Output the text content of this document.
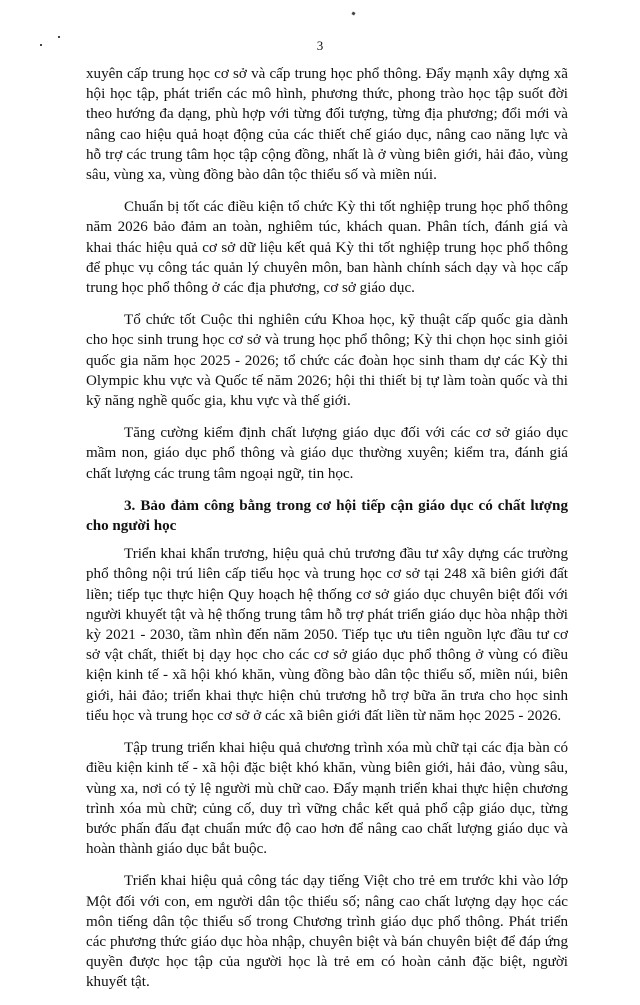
3

xuyên cấp trung học cơ sở và cấp trung học phổ thông. Đẩy mạnh xây dựng xã hội học tập, phát triển các mô hình, phương thức, phong trào học tập suốt đời theo hướng đa dạng, phù hợp với từng đối tượng, từng địa phương; đổi mới và nâng cao hiệu quả hoạt động của các thiết chế giáo dục, nâng cao năng lực và hỗ trợ các trung tâm học tập cộng đồng, nhất là ở vùng biên giới, hải đảo, vùng sâu, vùng xa, vùng đồng bào dân tộc thiểu số và miền núi.

Chuẩn bị tốt các điều kiện tổ chức Kỳ thi tốt nghiệp trung học phổ thông năm 2026 bảo đảm an toàn, nghiêm túc, khách quan. Phân tích, đánh giá và khai thác hiệu quả cơ sở dữ liệu kết quả Kỳ thi tốt nghiệp trung học phổ thông để phục vụ công tác quản lý chuyên môn, ban hành chính sách dạy và học cấp trung học phổ thông ở các địa phương, cơ sở giáo dục.

Tổ chức tốt Cuộc thi nghiên cứu Khoa học, kỹ thuật cấp quốc gia dành cho học sinh trung học cơ sở và trung học phổ thông; Kỳ thi chọn học sinh giỏi quốc gia năm học 2025 - 2026; tổ chức các đoàn học sinh tham dự các Kỳ thi Olympic khu vực và Quốc tế năm 2026; hội thi thiết bị tự làm toàn quốc và thi kỹ năng nghề quốc gia, khu vực và thế giới.

Tăng cường kiểm định chất lượng giáo dục đối với các cơ sở giáo dục mầm non, giáo dục phổ thông và giáo dục thường xuyên; kiểm tra, đánh giá chất lượng các trung tâm ngoại ngữ, tin học.

3. Bảo đảm công bằng trong cơ hội tiếp cận giáo dục có chất lượng cho người học

Triển khai khẩn trương, hiệu quả chủ trương đầu tư xây dựng các trường phổ thông nội trú liên cấp tiểu học và trung học cơ sở tại 248 xã biên giới đất liền; tiếp tục thực hiện Quy hoạch hệ thống cơ sở giáo dục chuyên biệt đối với người khuyết tật và hệ thống trung tâm hỗ trợ phát triển giáo dục hòa nhập thời kỳ 2021 - 2030, tầm nhìn đến năm 2050. Tiếp tục ưu tiên nguồn lực đầu tư cơ sở vật chất, thiết bị dạy học cho các cơ sở giáo dục phổ thông ở vùng có điều kiện kinh tế - xã hội khó khăn, vùng đồng bào dân tộc thiểu số, miền núi, biên giới, hải đảo; triển khai thực hiện chủ trương hỗ trợ bữa ăn trưa cho học sinh tiểu học và trung học cơ sở ở các xã biên giới đất liền từ năm học 2025 - 2026.

Tập trung triển khai hiệu quả chương trình xóa mù chữ tại các địa bàn có điều kiện kinh tế - xã hội đặc biệt khó khăn, vùng biên giới, hải đảo, vùng sâu, vùng xa, nơi có tỷ lệ người mù chữ cao. Đẩy mạnh triển khai thực hiện chương trình xóa mù chữ; củng cố, duy trì vững chắc kết quả phổ cập giáo dục, từng bước phấn đấu đạt chuẩn mức độ cao hơn để nâng cao chất lượng giáo dục và hoàn thành giáo dục bắt buộc.

Triển khai hiệu quả công tác dạy tiếng Việt cho trẻ em trước khi vào lớp Một đối với con, em người dân tộc thiểu số; nâng cao chất lượng dạy học các môn tiếng dân tộc thiểu số trong Chương trình giáo dục phổ thông. Phát triển các phương thức giáo dục hòa nhập, chuyên biệt và bán chuyên biệt để đáp ứng quyền được học tập của người học là trẻ em có hoàn cảnh đặc biệt, người khuyết tật.
